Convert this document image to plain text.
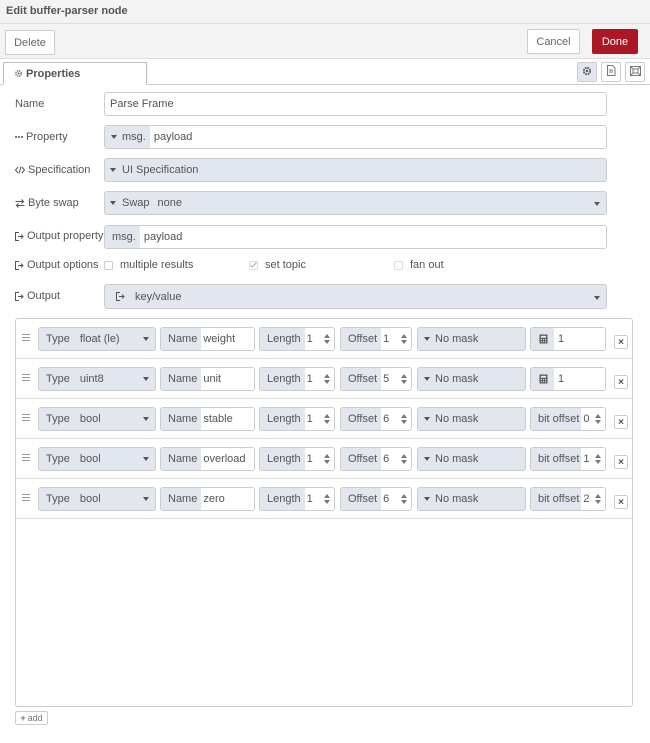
Edit buffer-parser node
Delete	Cancel	Done
Properties
Name	Parse Frame
Property	msg. payload
Specification	UI Specification
Byte swap	Swap none
Output property msg. payload
Output options multiple results	set topic	fan out
Output	key/value
Type float (le)	Name weight	Length 1	Offset 1	No mask	1	×
Type uint8	Name unit	Length 1	Offset 5	No mask	1	×
Type bool	Name stable	Length 1	Offset 6	No mask	bit offset 0	×
Type bool	Name overload	Length 1	Offset 6	No mask	bit offset 1	×
Type bool	Name zero	Length 1	Offset 6	No mask	bit offset 2	×
+ add
